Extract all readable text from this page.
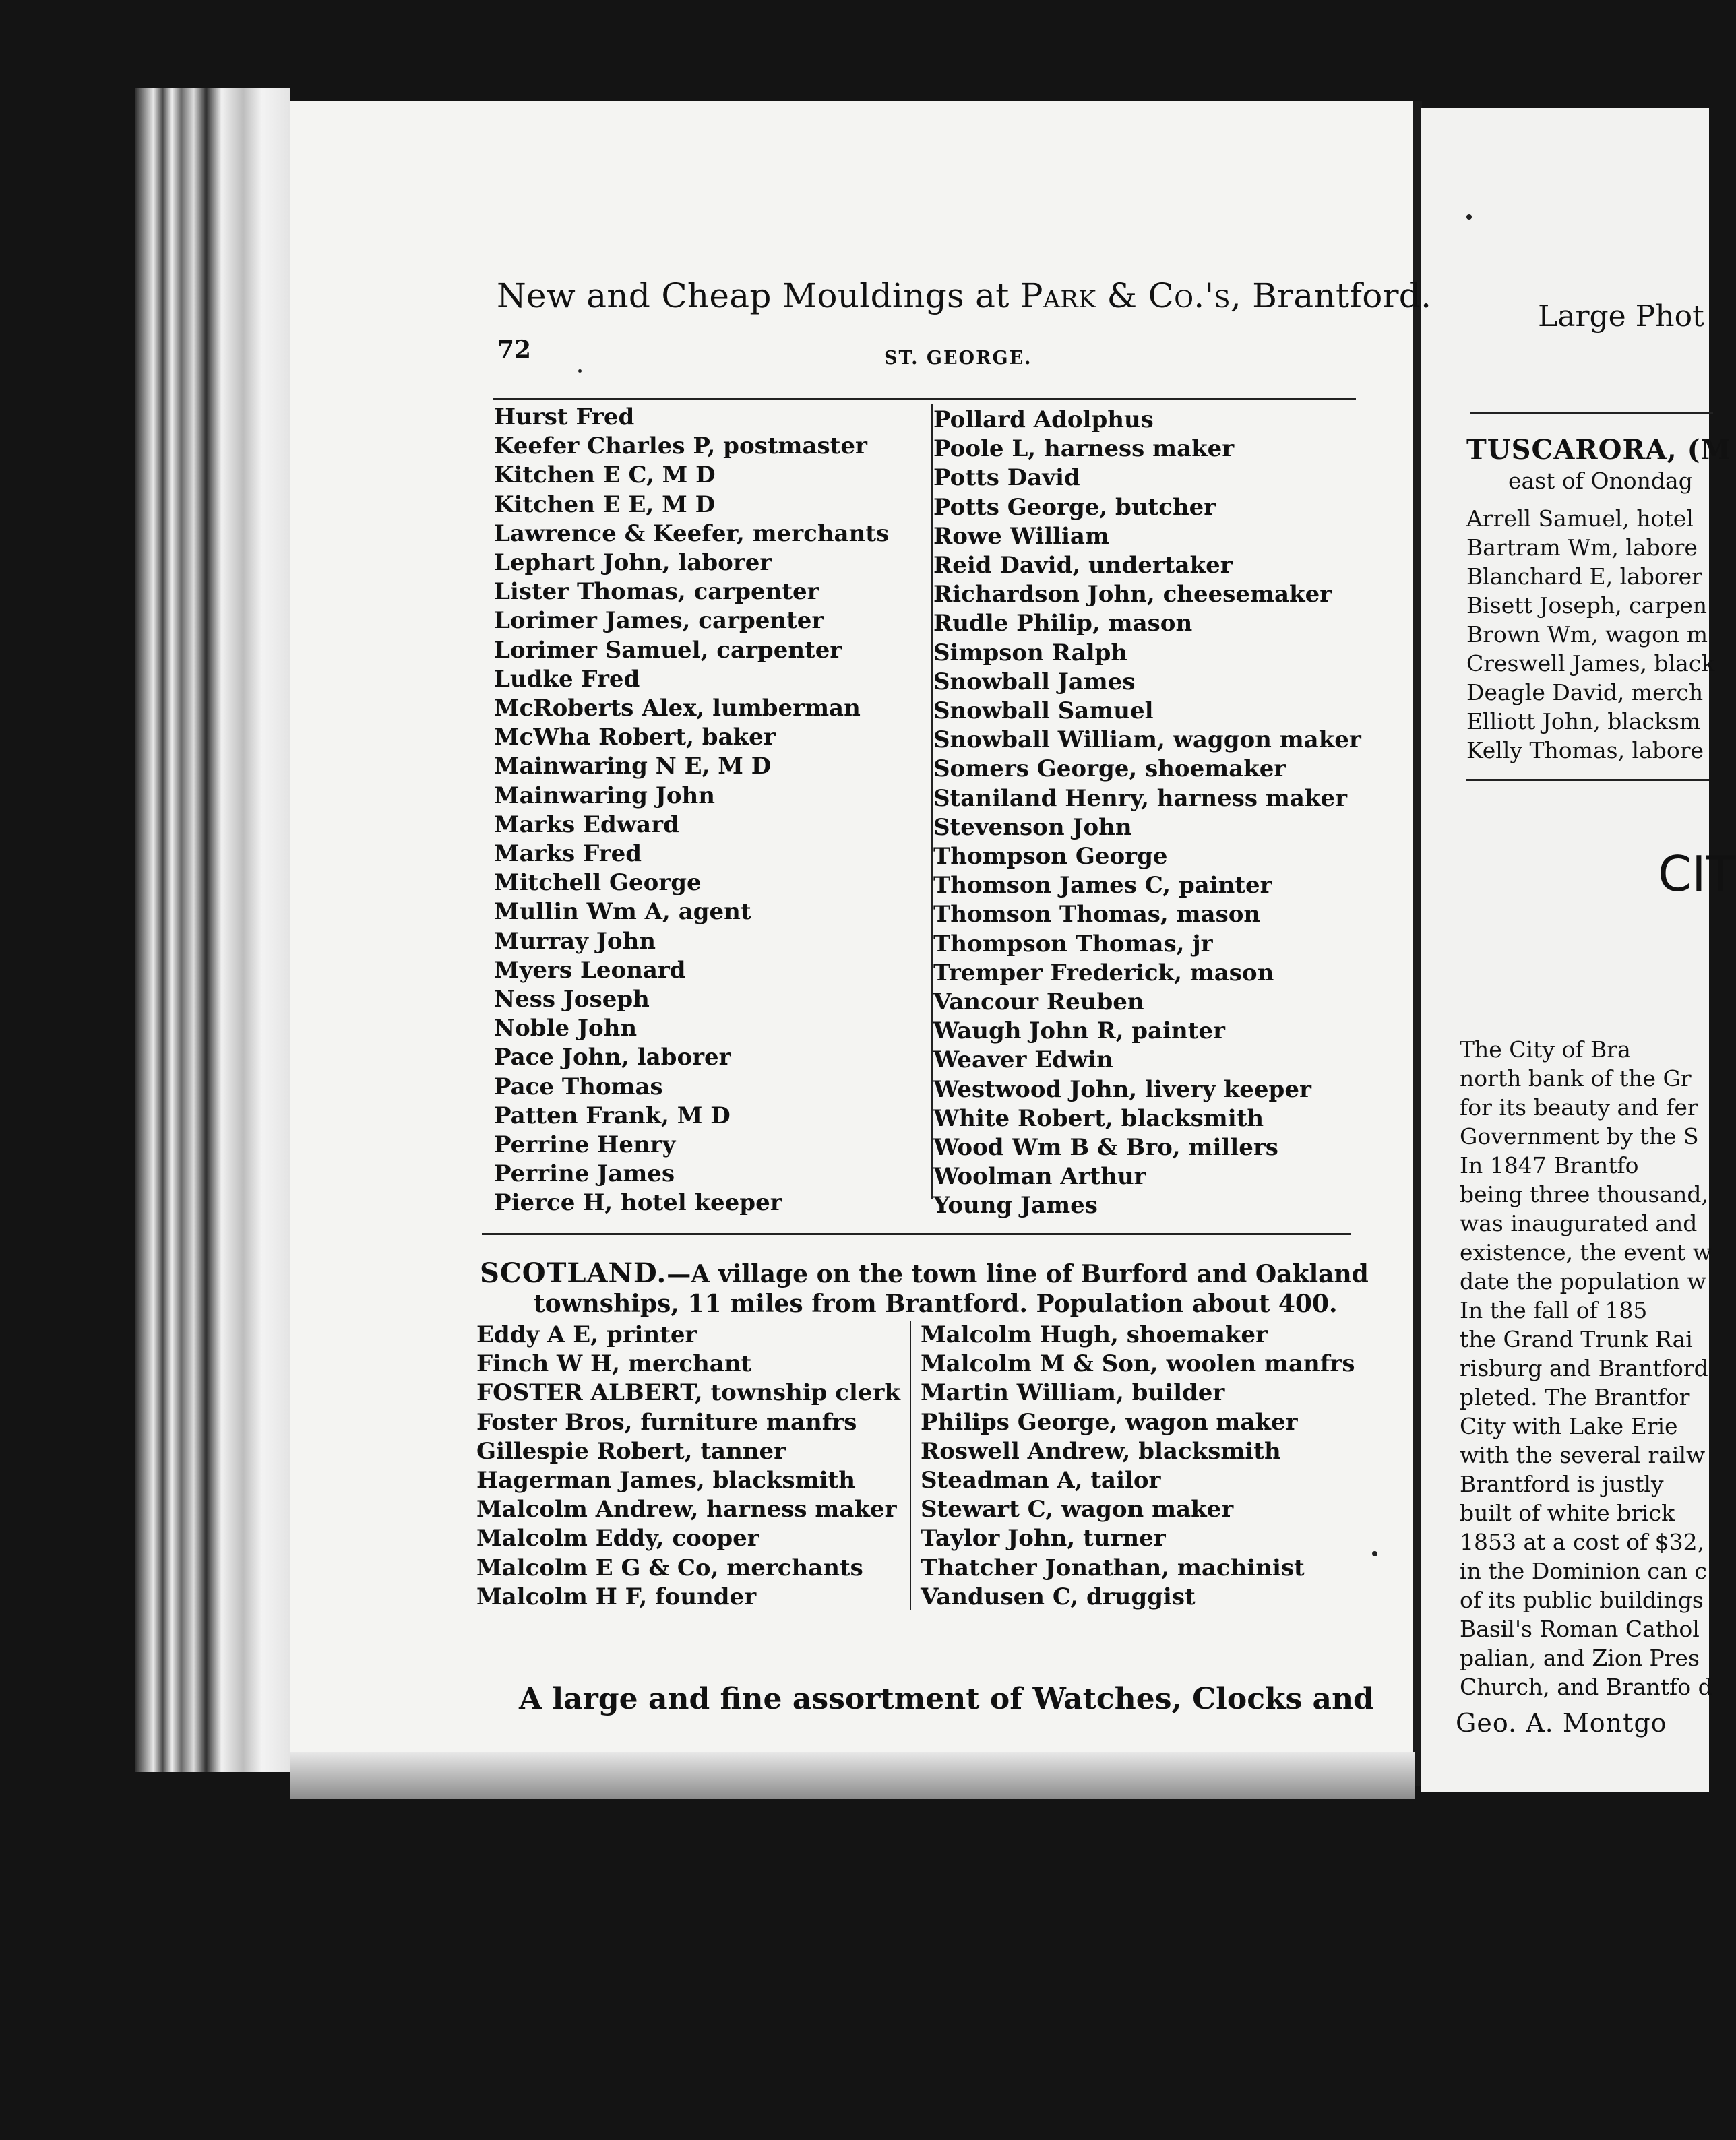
New and Cheap Mouldings at Park & Co.'s, Brantford.
72	ST. GEORGE.
Hurst Fred
Keefer Charles P, postmaster
Kitchen E C, M D
Kitchen E E, M D
Lawrence & Keefer, merchants
Lephart John, laborer
Lister Thomas, carpenter
Lorimer James, carpenter
Lorimer Samuel, carpenter
Ludke Fred
McRoberts Alex, lumberman
McWha Robert, baker
Mainwaring N E, M D
Mainwaring John
Marks Edward
Marks Fred
Mitchell George
Mullin Wm A, agent
Murray John
Myers Leonard
Ness Joseph
Noble John
Pace John, laborer
Pace Thomas
Patten Frank, M D
Perrine Henry
Perrine James
Pierce H, hotel keeper
Pollard Adolphus
Poole L, harness maker
Potts David
Potts George, butcher
Rowe William
Reid David, undertaker
Richardson John, cheesemaker
Rudle Philip, mason
Simpson Ralph
Snowball James
Snowball Samuel
Snowball William, waggon maker
Somers George, shoemaker
Staniland Henry, harness maker
Stevenson John
Thompson George
Thomson James C, painter
Thomson Thomas, mason
Thompson Thomas, jr
Tremper Frederick, mason
Vancour Reuben
Waugh John R, painter
Weaver Edwin
Westwood John, livery keeper
White Robert, blacksmith
Wood Wm B & Bro, millers
Woolman Arthur
Young James
SCOTLAND.—A village on the town line of Burford and Oakland
townships, 11 miles from Brantford. Population about 400.
Eddy A E, printer
Finch W H, merchant
FOSTER ALBERT, township clerk
Foster Bros, furniture manfrs
Gillespie Robert, tanner
Hagerman James, blacksmith
Malcolm Andrew, harness maker
Malcolm Eddy, cooper
Malcolm E G & Co, merchants
Malcolm H F, founder
Malcolm Hugh, shoemaker
Malcolm M & Son, woolen manfrs
Martin William, builder
Philips George, wagon maker
Roswell Andrew, blacksmith
Steadman A, tailor
Stewart C, wagon maker
Taylor John, turner
Thatcher Jonathan, machinist
Vandusen C, druggist
A large and fine assortment of Watches, Clocks and
Large Phot
TUSCARORA, (M
east of Onondag
Arrell Samuel, hotel
Bartram Wm, labore
Blanchard E, laborer
Bisett Joseph, carpen
Brown Wm, wagon m
Creswell James, black
Deagle David, merch
Elliott John, blacksm
Kelly Thomas, labore
CIT
The City of Bra
north bank of the Gr
for its beauty and fer
Government by the S
In 1847 Brantfo
being three thousand,
was inaugurated and
existence, the event w
date the population w
In the fall of 185
the Grand Trunk Rai
risburg and Brantford
pleted. The Brantfor
City with Lake Erie
with the several railw
Brantford is justly
built of white brick
1853 at a cost of $32,
in the Dominion can c
of its public buildings
Basil's Roman Cathol
palian, and Zion Pres
Church, and Brantfo d
Geo. A. Montgo
